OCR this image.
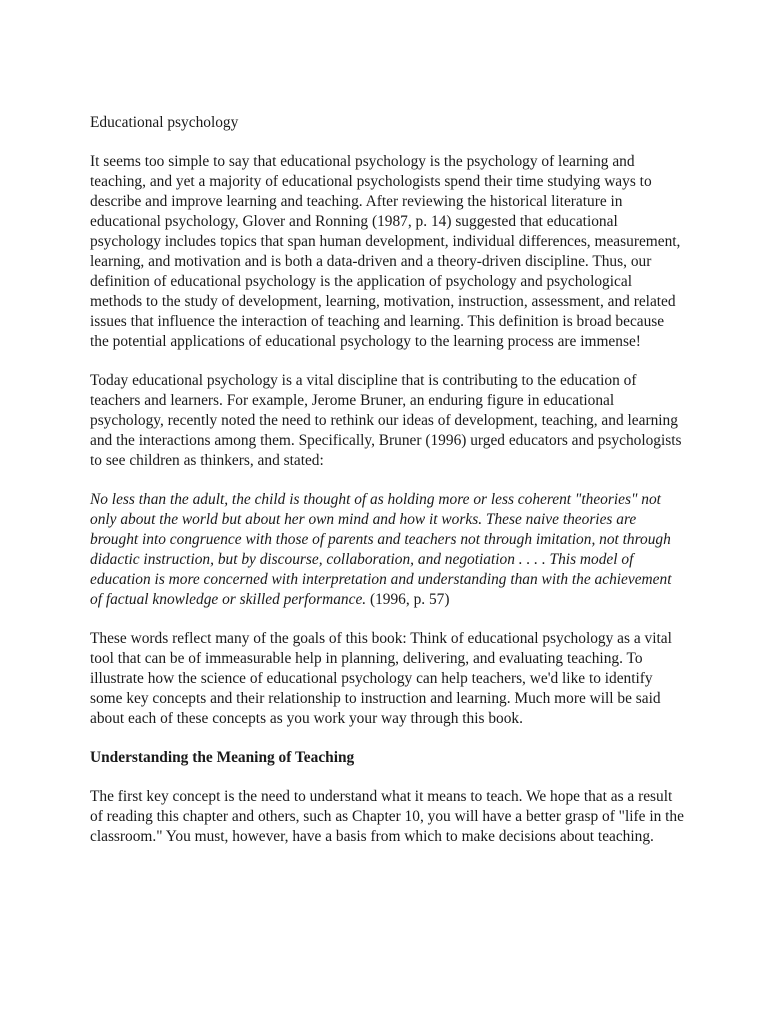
Educational psychology

It seems too simple to say that educational psychology is the psychology of learning and teaching, and yet a majority of educational psychologists spend their time studying ways to describe and improve learning and teaching. After reviewing the historical literature in educational psychology, Glover and Ronning (1987, p. 14) suggested that educational psychology includes topics that span human development, individual differences, measurement, learning, and motivation and is both a data-driven and a theory-driven discipline. Thus, our definition of educational psychology is the application of psychology and psychological methods to the study of development, learning, motivation, instruction, assessment, and related issues that influence the interaction of teaching and learning. This definition is broad because the potential applications of educational psychology to the learning process are immense!

Today educational psychology is a vital discipline that is contributing to the education of teachers and learners. For example, Jerome Bruner, an enduring figure in educational psychology, recently noted the need to rethink our ideas of development, teaching, and learning and the interactions among them. Specifically, Bruner (1996) urged educators and psychologists to see children as thinkers, and stated:

No less than the adult, the child is thought of as holding more or less coherent "theories" not only about the world but about her own mind and how it works. These naive theories are brought into congruence with those of parents and teachers not through imitation, not through didactic instruction, but by discourse, collaboration, and negotiation . . . . This model of education is more concerned with interpretation and understanding than with the achievement of factual knowledge or skilled performance. (1996, p. 57)

These words reflect many of the goals of this book: Think of educational psychology as a vital tool that can be of immeasurable help in planning, delivering, and evaluating teaching. To illustrate how the science of educational psychology can help teachers, we'd like to identify some key concepts and their relationship to instruction and learning. Much more will be said about each of these concepts as you work your way through this book.

Understanding the Meaning of Teaching

The first key concept is the need to understand what it means to teach. We hope that as a result of reading this chapter and others, such as Chapter 10, you will have a better grasp of "life in the classroom." You must, however, have a basis from which to make decisions about teaching.
